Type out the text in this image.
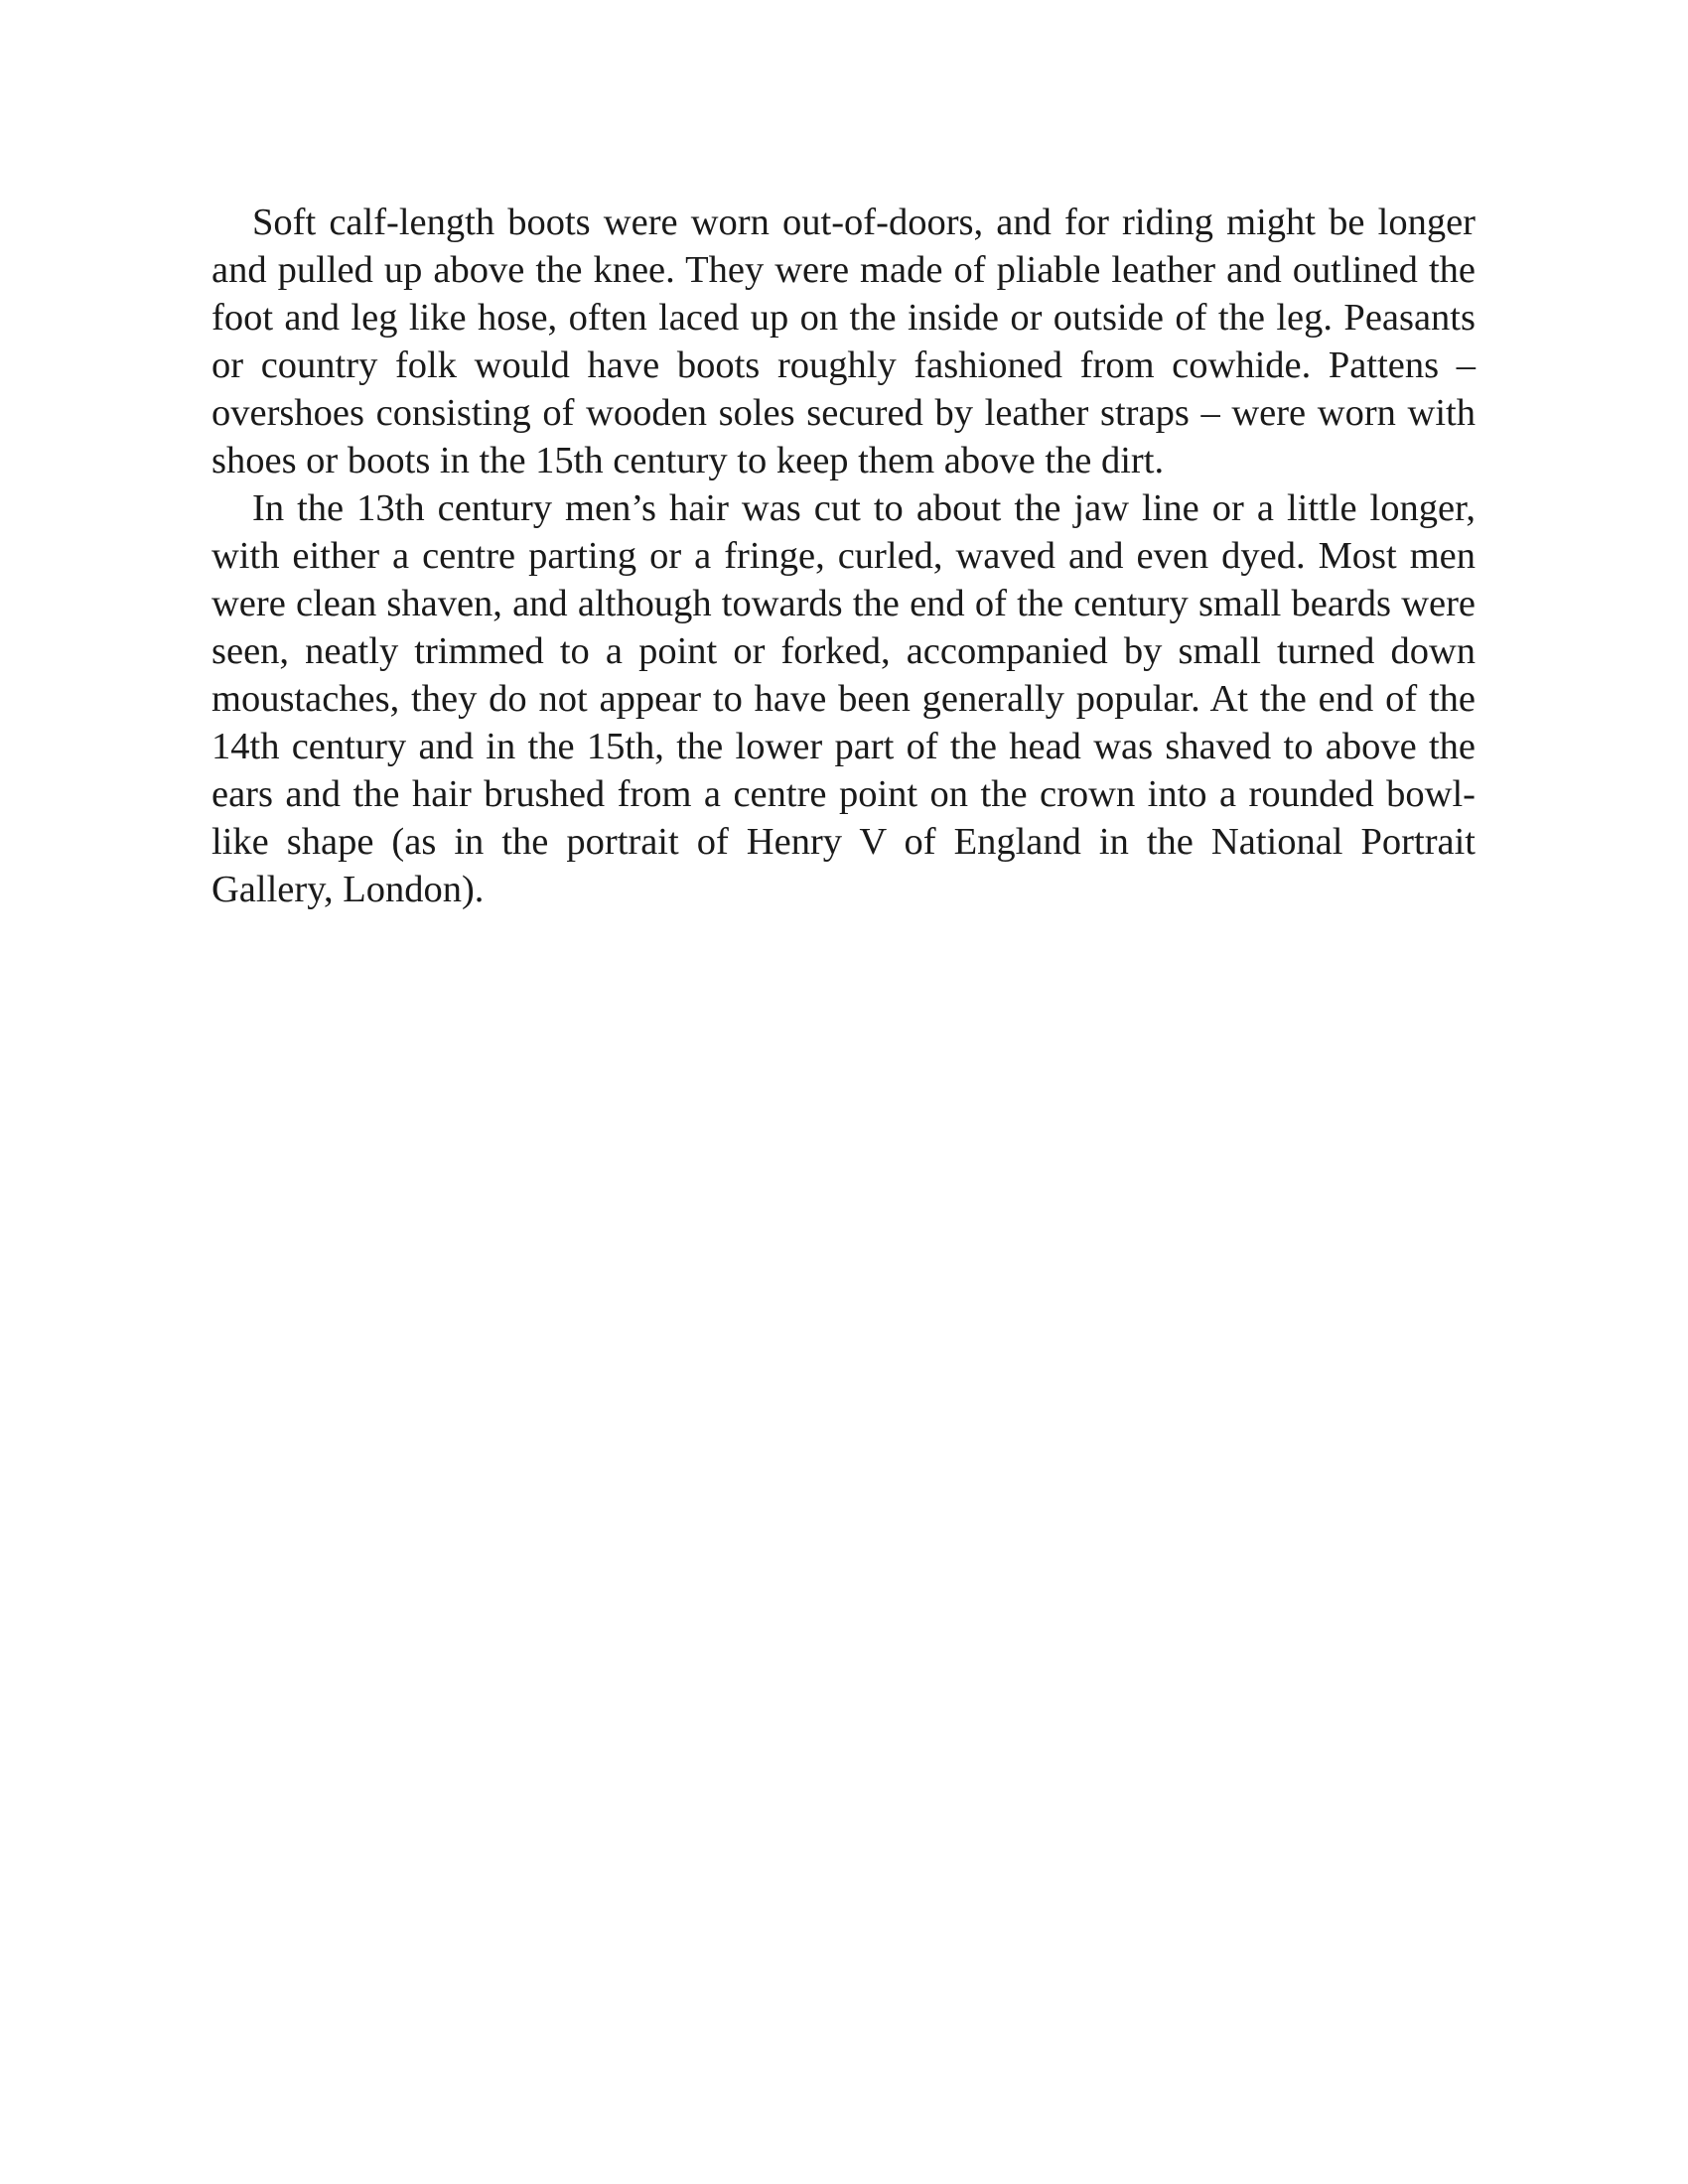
Soft calf-length boots were worn out-of-doors, and for riding might be longer and pulled up above the knee. They were made of pliable leather and outlined the foot and leg like hose, often laced up on the inside or outside of the leg. Peasants or country folk would have boots roughly fashioned from cowhide. Pattens – overshoes consisting of wooden soles secured by leather straps – were worn with shoes or boots in the 15th century to keep them above the dirt.

In the 13th century men’s hair was cut to about the jaw line or a little longer, with either a centre parting or a fringe, curled, waved and even dyed. Most men were clean shaven, and although towards the end of the century small beards were seen, neatly trimmed to a point or forked, accompanied by small turned down moustaches, they do not appear to have been generally popular. At the end of the 14th century and in the 15th, the lower part of the head was shaved to above the ears and the hair brushed from a centre point on the crown into a rounded bowl-like shape (as in the portrait of Henry V of England in the National Portrait Gallery, London).
